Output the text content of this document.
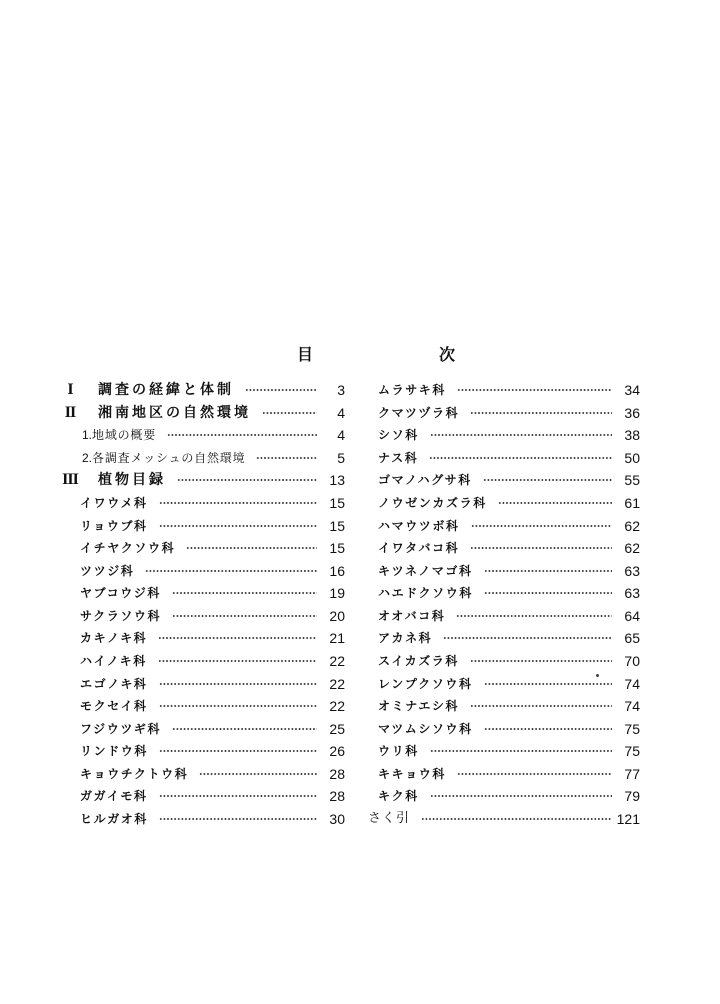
目	次
I	調査の経緯と体制	3
II	湘南地区の自然環境	4
1. 地域の概要	4
2. 各調査メッシュの自然環境	5
III 植物目録	13
イワウメ科	15
リョウブ科	15
イチヤクソウ科	15
ツツジ科	16
ヤブコウジ科	19
サクラソウ科	20
カキノキ科	21
ハイノキ科	22
エゴノキ科	22
モクセイ科	22
フジウツギ科	25
リンドウ科	26
キョウチクトウ科	28
ガガイモ科	28
ヒルガオ科	30
ムラサキ科	34
クマツヅラ科	36
シソ科	38
ナス科	50
ゴマノハグサ科	55
ノウゼンカズラ科	61
ハマウツボ科	62
イワタバコ科	62
キツネノマゴ科	63
ハエドクソウ科	63
オオバコ科	64
アカネ科	65
スイカズラ科	70
レンプクソウ科	74
オミナエシ科	74
マツムシソウ科	75
ウリ科	75
キキョウ科	77
キク科	79
さく引	121
